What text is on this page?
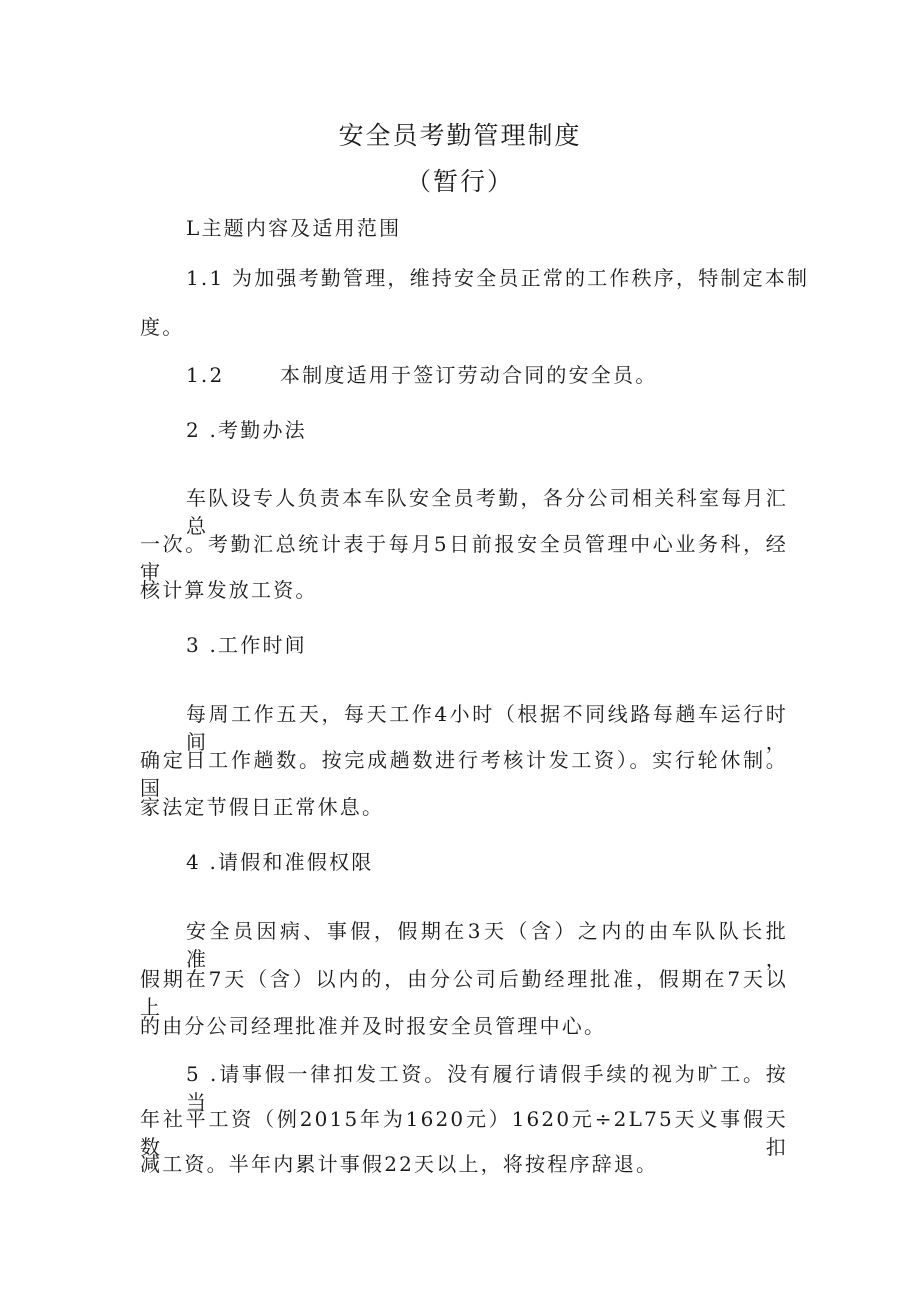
安全员考勤管理制度
（暂行）
L主题内容及适用范围
1.1 为加强考勤管理，维持安全员正常的工作秩序，特制定本制
度。
1.2	本制度适用于签订劳动合同的安全员。
2 .考勤办法
车队设专人负责本车队安全员考勤，各分公司相关科室每月汇总
一次。考勤汇总统计表于每月5日前报安全员管理中心业务科，经审
核计算发放工资。
3 .工作时间
每周工作五天，每天工作4小时（根据不同线路每趟车运行时间，
确定日工作趟数。按完成趟数进行考核计发工资）。实行轮休制。国
家法定节假日正常休息。
4 .请假和准假权限
安全员因病、事假，假期在3天（含）之内的由车队队长批准，
假期在7天（含）以内的，由分公司后勤经理批准，假期在7天以上
的由分公司经理批准并及时报安全员管理中心。
5 .请事假一律扣发工资。没有履行请假手续的视为旷工。按当
年社平工资（例2015年为1620元）1620元÷2L75天义事假天数扣
减工资。半年内累计事假22天以上，将按程序辞退。
